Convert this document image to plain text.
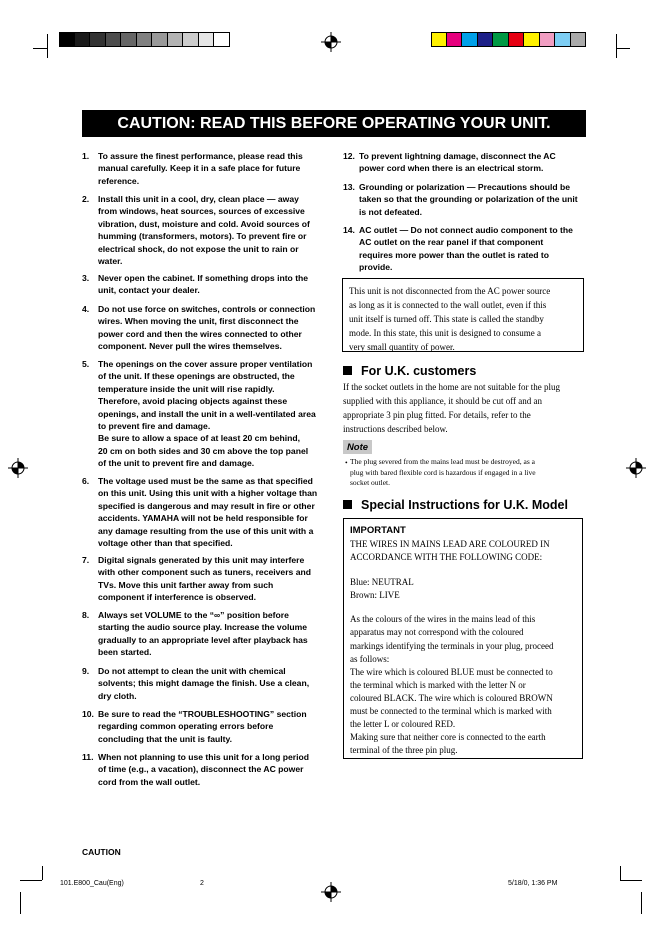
CAUTION: READ THIS BEFORE OPERATING YOUR UNIT.
1. To assure the finest performance, please read this
manual carefully. Keep it in a safe place for future
reference.
2. Install this unit in a cool, dry, clean place — away
from windows, heat sources, sources of excessive
vibration, dust, moisture and cold. Avoid sources of
humming (transformers, motors). To prevent fire or
electrical shock, do not expose the unit to rain or
water.
3. Never open the cabinet. If something drops into the
unit, contact your dealer.
4. Do not use force on switches, controls or connection
wires. When moving the unit, first disconnect the
power cord and then the wires connected to other
component. Never pull the wires themselves.
5. The openings on the cover assure proper ventilation
of the unit. If these openings are obstructed, the
temperature inside the unit will rise rapidly.
Therefore, avoid placing objects against these
openings, and install the unit in a well-ventilated area
to prevent fire and damage.
Be sure to allow a space of at least 20 cm behind,
20 cm on both sides and 30 cm above the top panel
of the unit to prevent fire and damage.
6. The voltage used must be the same as that specified
on this unit. Using this unit with a higher voltage than
specified is dangerous and may result in fire or other
accidents. YAMAHA will not be held responsible for
any damage resulting from the use of this unit with a
voltage other than that specified.
7. Digital signals generated by this unit may interfere
with other component such as tuners, receivers and
TVs. Move this unit farther away from such
component if interference is observed.
8. Always set VOLUME to the “∞” position before
starting the audio source play. Increase the volume
gradually to an appropriate level after playback has
been started.
9. Do not attempt to clean the unit with chemical
solvents; this might damage the finish. Use a clean,
dry cloth.
10. Be sure to read the “TROUBLESHOOTING” section
regarding common operating errors before
concluding that the unit is faulty.
11. When not planning to use this unit for a long period
of time (e.g., a vacation), disconnect the AC power
cord from the wall outlet.
12. To prevent lightning damage, disconnect the AC
power cord when there is an electrical storm.
13. Grounding or polarization — Precautions should be
taken so that the grounding or polarization of the unit
is not defeated.
14. AC outlet — Do not connect audio component to the
AC outlet on the rear panel if that component
requires more power than the outlet is rated to
provide.
This unit is not disconnected from the AC power source
as long as it is connected to the wall outlet, even if this
unit itself is turned off. This state is called the standby
mode. In this state, this unit is designed to consume a
very small quantity of power.
For U.K. customers
If the socket outlets in the home are not suitable for the plug
supplied with this appliance, it should be cut off and an
appropriate 3 pin plug fitted. For details, refer to the
instructions described below.
Note
• The plug severed from the mains lead must be destroyed, as a
plug with bared flexible cord is hazardous if engaged in a live
socket outlet.
Special Instructions for U.K. Model
IMPORTANT

THE WIRES IN MAINS LEAD ARE COLOURED IN

ACCORDANCE WITH THE FOLLOWING CODE:

Blue: NEUTRAL

Brown: LIVE

As the colours of the wires in the mains lead of this

apparatus may not correspond with the coloured

markings identifying the terminals in your plug, proceed

as follows:

The wire which is coloured BLUE must be connected to

the terminal which is marked with the letter N or

coloured BLACK. The wire which is coloured BROWN

must be connected to the terminal which is marked with

the letter L or coloured RED.

Making sure that neither core is connected to the earth

terminal of the three pin plug.

CAUTION
101.E800_Cau(Eng)	2	5/18/0, 1:36 PM
